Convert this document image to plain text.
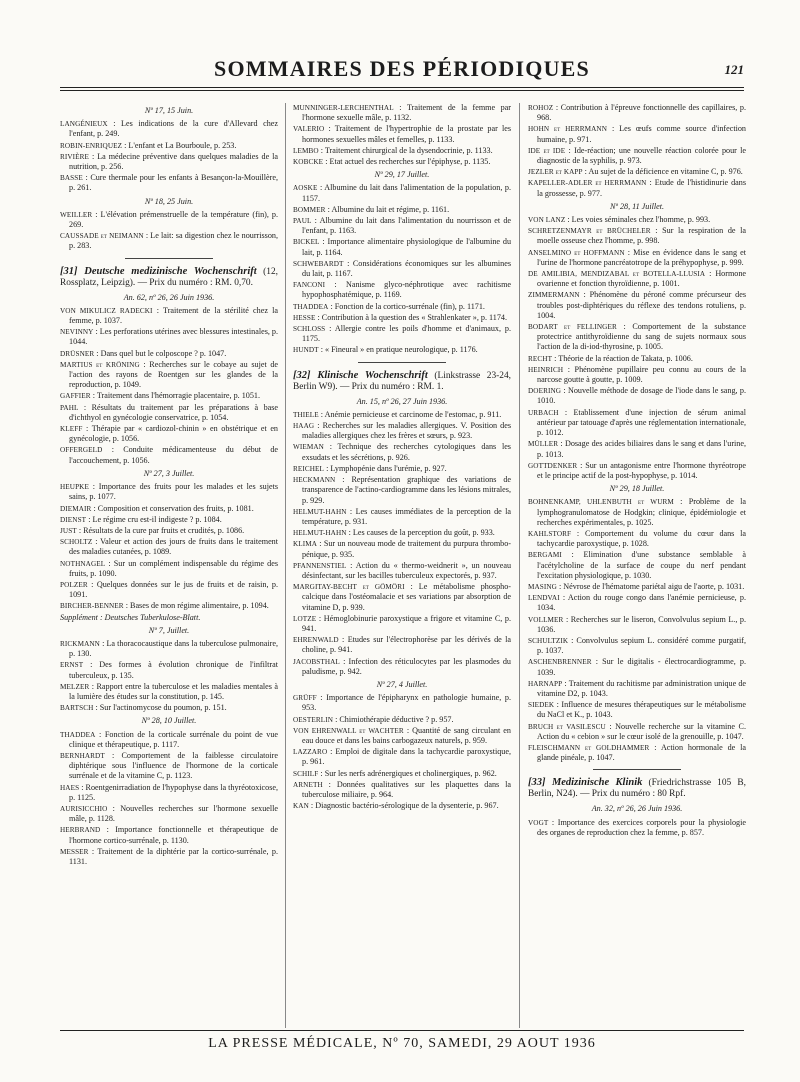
SOMMAIRES DES PÉRIODIQUES	121

Nº 17, 15 Juin.

LANGÉNIEUX : Les indications de la cure d'Allevard chez l'enfant, p. 249.

ROBIN-ENRIQUEZ : L'enfant et La Bourboule, p. 253.

RIVIÈRE : La médecine préventive dans quelques maladies de la nutrition, p. 256.

BASSE : Cure thermale pour les enfants à Besançon-la-Mouillère, p. 261.

Nº 18, 25 Juin.

WEILLER : L'élévation prémenstruelle de la température (fin), p. 269.

CAUSSADE et NEIMANN : Le lait: sa digestion chez le nourrisson, p. 283.

[31] Deutsche medizinische Wochenschrift (12, Rossplatz, Leipzig). — Prix du numéro : RM. 0,70.

An. 62, nº 26, 26 Juin 1936.

VON MIKULICZ RADECKI : Traitement de la stérilité chez la femme, p. 1037.

NEVINNY : Les perforations utérines avec blessures intestinales, p. 1044.

DRÜSNER : Dans quel but le colposcope ? p. 1047.

MARTIUS et KRÖNING : Recherches sur le cobaye au sujet de l'action des rayons de Roentgen sur les glandes de la reproduction, p. 1049.

GAFFIER : Traitement dans l'hémorragie placentaire, p. 1051.

PAHL : Résultats du traitement par les préparations à base d'ichthyol en gynécologie conservatrice, p. 1054.

KLEFF : Thérapie par « cardiozol-chinin » en obstétrique et en gynécologie, p. 1056.

OFFERGELD : Conduite médicamenteuse du début de l'accouchement, p. 1056.

Nº 27, 3 Juillet.

HEUPKE : Importance des fruits pour les malades et les sujets sains, p. 1077.

DIEMAIR : Composition et conservation des fruits, p. 1081.

DIENST : Le régime cru est-il indigeste ? p. 1084.

JUST : Résultats de la cure par fruits et crudités, p. 1086.

SCHOLTZ : Valeur et action des jours de fruits dans le traitement des maladies cutanées, p. 1089.

NOTHNAGEL : Sur un complément indispensable du régime des fruits, p. 1090.

POLZER : Quelques données sur le jus de fruits et de raisin, p. 1091.

BIRCHER-BENNER : Bases de mon régime alimentaire, p. 1094.

Supplément : Deutsches Tuberkulose-Blatt.

Nº 7, Juillet.

RICKMANN : La thoracocaustique dans la tuberculose pulmonaire, p. 130.

ERNST : Des formes à évolution chronique de l'infiltrat tuberculeux, p. 135.

MELZER : Rapport entre la tuberculose et les maladies mentales à la lumière des études sur la constitution, p. 145.

BARTSCH : Sur l'actinomycose du poumon, p. 151.

Nº 28, 10 Juillet.

THADDEA : Fonction de la corticale surrénale du point de vue clinique et thérapeutique, p. 1117.

BERNHARDT : Comportement de la faiblesse circulatoire diphtérique sous l'influence de l'hormone de la corticale surrénale et de la vitamine C, p. 1123.

HAES : Roentgenirradiation de l'hypophyse dans la thyréotoxicose, p. 1125.

AURISICCHIO : Nouvelles recherches sur l'hormone sexuelle mâle, p. 1128.

HERBRAND : Importance fonctionnelle et thérapeutique de l'hormone cortico-surrénale, p. 1130.

MESSER : Traitement de la diphtérie par la cortico-surrénale, p. 1131.

MUNNINGER-LERCHENTHAL : Traitement de la femme par l'hormone sexuelle mâle, p. 1132.

VALERIO : Traitement de l'hypertrophie de la prostate par les hormones sexuelles mâles et femelles, p. 1133.

LEMBO : Traitement chirurgical de la dysendocrinie, p. 1133.

KOBCKE : Etat actuel des recherches sur l'épiphyse, p. 1135.

Nº 29, 17 Juillet.

AOSKE : Albumine du lait dans l'alimentation de la population, p. 1157.

BOMMER : Albumine du lait et régime, p. 1161.

PAUL : Albumine du lait dans l'alimentation du nourrisson et de l'enfant, p. 1163.

BICKEL : Importance alimentaire physiologique de l'albumine du lait, p. 1164.

SCHWEBARDT : Considérations économiques sur les albumines du lait, p. 1167.

FANCONI : Nanisme glyco-néphrotique avec rachitisme hypophosphatémique, p. 1169.

THADDEA : Fonction de la cortico-surrénale (fin), p. 1171.

HESSE : Contribution à la question des « Strahlenkater », p. 1174.

SCHLOSS : Allergie contre les poils d'homme et d'animaux, p. 1175.

HUNDT : « Fineural » en pratique neurologique, p. 1176.

[32] Klinische Wochenschrift (Linkstrasse 23-24, Berlin W9). — Prix du numéro : RM. 1.

An. 15, nº 26, 27 Juin 1936.

THIELE : Anémie pernicieuse et carcinome de l'estomac, p. 911.

HAAG : Recherches sur les maladies allergiques. V. Position des maladies allergiques chez les frères et sœurs, p. 923.

WIEMAN : Technique des recherches cytologiques dans les exsudats et les sécrétions, p. 926.

REICHEL : Lymphopénie dans l'urémie, p. 927.

HECKMANN : Représentation graphique des variations de transparence de l'actino-cardiogramme dans les lésions mitrales, p. 929.

HELMUT-HAHN : Les causes immédiates de la perception de la température, p. 931.

HELMUT-HAHN : Les causes de la perception du goût, p. 933.

KLIMA : Sur un nouveau mode de traitement du purpura thrombo-pénique, p. 935.

PFANNENSTIEL : Action du « thermo-weidnerit », un nouveau désinfectant, sur les bacilles tuberculeux expectorés, p. 937.

MARGITAY-BECHT et GÖMÖRI : Le métabolisme phospho-calcique dans l'ostéomalacie et ses variations par absorption de vitamine D, p. 939.

LOTZE : Hémoglobinurie paroxystique a frigore et vitamine C, p. 941.

EHRENWALD : Etudes sur l'électrophorèse par les dérivés de la choline, p. 941.

JACOBSTHAL : Infection des réticulocytes par les plasmodes du paludisme, p. 942.

Nº 27, 4 Juillet.

GRÜFF : Importance de l'épipharynx en pathologie humaine, p. 953.

OESTERLIN : Chimiothérapie déductive ? p. 957.

VON EHRENWALL et WACHTER : Quantité de sang circulant en eau douce et dans les bains carbogazeux naturels, p. 959.

LAZZARO : Emploi de digitale dans la tachycardie paroxystique, p. 961.

SCHILF : Sur les nerfs adrénergiques et cholinergiques, p. 962.

ARNETH : Données qualitatives sur les plaquettes dans la tuberculose miliaire, p. 964.

KAN : Diagnostic bactério-sérologique de la dysenterie, p. 967.

ROHOZ : Contribution à l'épreuve fonctionnelle des capillaires, p. 968.

HOHN et HERRMANN : Les œufs comme source d'infection humaine, p. 971.

IDE et IDE : Ide-réaction; une nouvelle réaction colorée pour le diagnostic de la syphilis, p. 973.

JEZLER et KAPP : Au sujet de la déficience en vitamine C, p. 976.

KAPELLER-ADLER et HERRMANN : Etude de l'histidinurie dans la grossesse, p. 977.

Nº 28, 11 Juillet.

VON LANZ : Les voies séminales chez l'homme, p. 993.

SCHRETZENMAYR et BRÜCHELER : Sur la respiration de la moelle osseuse chez l'homme, p. 998.

ANSELMINO et HOFFMANN : Mise en évidence dans le sang et l'urine de l'hormone pancréatotrope de la préhypophyse, p. 999.

DE AMILIBIA, MENDIZABAL et BOTELLA-LLUSIA : Hormone ovarienne et fonction thyroïdienne, p. 1001.

ZIMMERMANN : Phénomène du péroné comme précurseur des troubles post-diphtériques du réflexe des tendons rotuliens, p. 1004.

BODART et FELLINGER : Comportement de la substance protectrice antithyroïdienne du sang de sujets normaux sous l'action de la di-iod-thyrosine, p. 1005.

RECHT : Théorie de la réaction de Takata, p. 1006.

HEINRICH : Phénomène pupillaire peu connu au cours de la narcose goutte à goutte, p. 1009.

DOERING : Nouvelle méthode de dosage de l'iode dans le sang, p. 1010.

URBACH : Etablissement d'une injection de sérum animal antérieur par tatouage d'après une réglementation internationale, p. 1012.

MÜLLER : Dosage des acides biliaires dans le sang et dans l'urine, p. 1013.

GOTTDENKER : Sur un antagonisme entre l'hormone thyréotrope et le principe actif de la post-hypophyse, p. 1014.

Nº 29, 18 Juillet.

BOHNENKAMP, UHLENBUTH et WURM : Problème de la lymphogranulomatose de Hodgkin; clinique, épidémiologie et recherches expérimentales, p. 1025.

KAHLSTORF : Comportement du volume du cœur dans la tachycardie paroxystique, p. 1028.

BERGAMI : Elimination d'une substance semblable à l'acétylcholine de la surface de coupe du nerf pendant l'excitation physiologique, p. 1030.

MASING : Névrose de l'hématome pariétal aigu de l'aorte, p. 1031.

LENDVAI : Action du rouge congo dans l'anémie pernicieuse, p. 1034.

VOLLMER : Recherches sur le liseron, Convolvulus sepium L., p. 1036.

SCHULTZIK : Convolvulus sepium L. considéré comme purgatif, p. 1037.

ASCHENBRENNER : Sur le digitalis - électrocardiogramme, p. 1039.

HARNAPP : Traitement du rachitisme par administration unique de vitamine D2, p. 1043.

SIEDEK : Influence de mesures thérapeutiques sur le métabolisme du NaCl et K., p. 1043.

BRUCH et VASILESCU : Nouvelle recherche sur la vitamine C. Action du « cebion » sur le cœur isolé de la grenouille, p. 1047.

FLEISCHMANN et GOLDHAMMER : Action hormonale de la glande pinéale, p. 1047.

[33] Medizinische Klinik (Friedrichstrasse 105 B, Berlin, N24). — Prix du numéro : 80 Rpf.

An. 32, nº 26, 26 Juin 1936.

VOGT : Importance des exercices corporels pour la physiologie des organes de reproduction chez la femme, p. 857.

LA PRESSE MÉDICALE, Nº 70, SAMEDI, 29 AOUT 1936
